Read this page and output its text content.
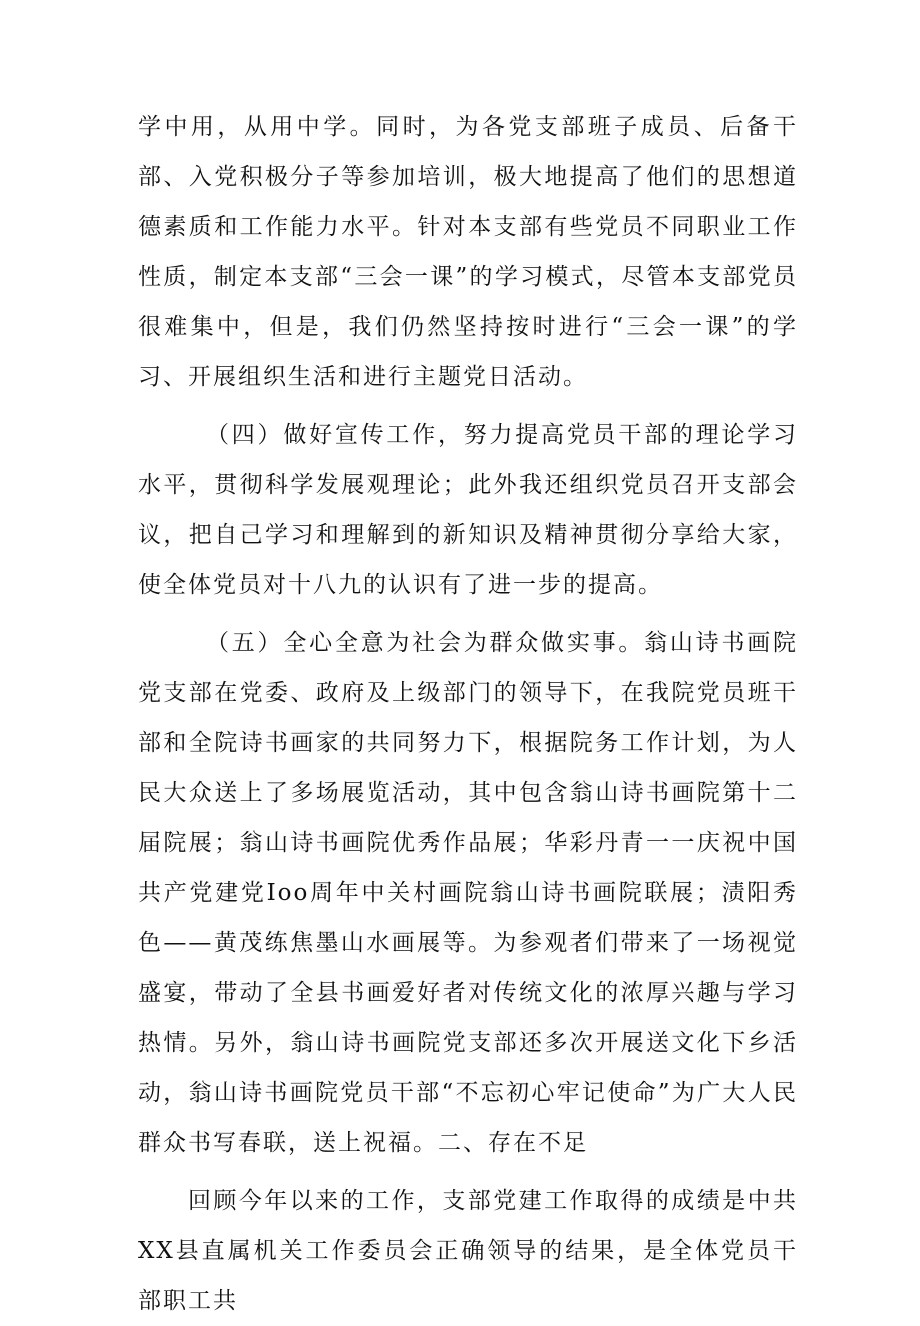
学中用，从用中学。同时，为各党支部班子成员、后备干部、入党积极分子等参加培训，极大地提高了他们的思想道德素质和工作能力水平。针对本支部有些党员不同职业工作性质，制定本支部“三会一课”的学习模式，尽管本支部党员很难集中，但是，我们仍然坚持按时进行“三会一课”的学习、开展组织生活和进行主题党日活动。

（四）做好宣传工作，努力提高党员干部的理论学习水平，贯彻科学发展观理论；此外我还组织党员召开支部会议，把自己学习和理解到的新知识及精神贯彻分享给大家，使全体党员对十八九的认识有了进一步的提高。

（五）全心全意为社会为群众做实事。翁山诗书画院党支部在党委、政府及上级部门的领导下，在我院党员班干部和全院诗书画家的共同努力下，根据院务工作计划，为人民大众送上了多场展览活动，其中包含翁山诗书画院第十二届院展；翁山诗书画院优秀作品展；华彩丹青一一庆祝中国共产党建党Ioo周年中关村画院翁山诗书画院联展；渍阳秀色——黄茂练焦墨山水画展等。为参观者们带来了一场视觉盛宴，带动了全县书画爱好者对传统文化的浓厚兴趣与学习热情。另外，翁山诗书画院党支部还多次开展送文化下乡活动，翁山诗书画院党员干部“不忘初心牢记使命”为广大人民群众书写春联，送上祝福。二、存在不足

回顾今年以来的工作，支部党建工作取得的成绩是中共XX县直属机关工作委员会正确领导的结果，是全体党员干部职工共
